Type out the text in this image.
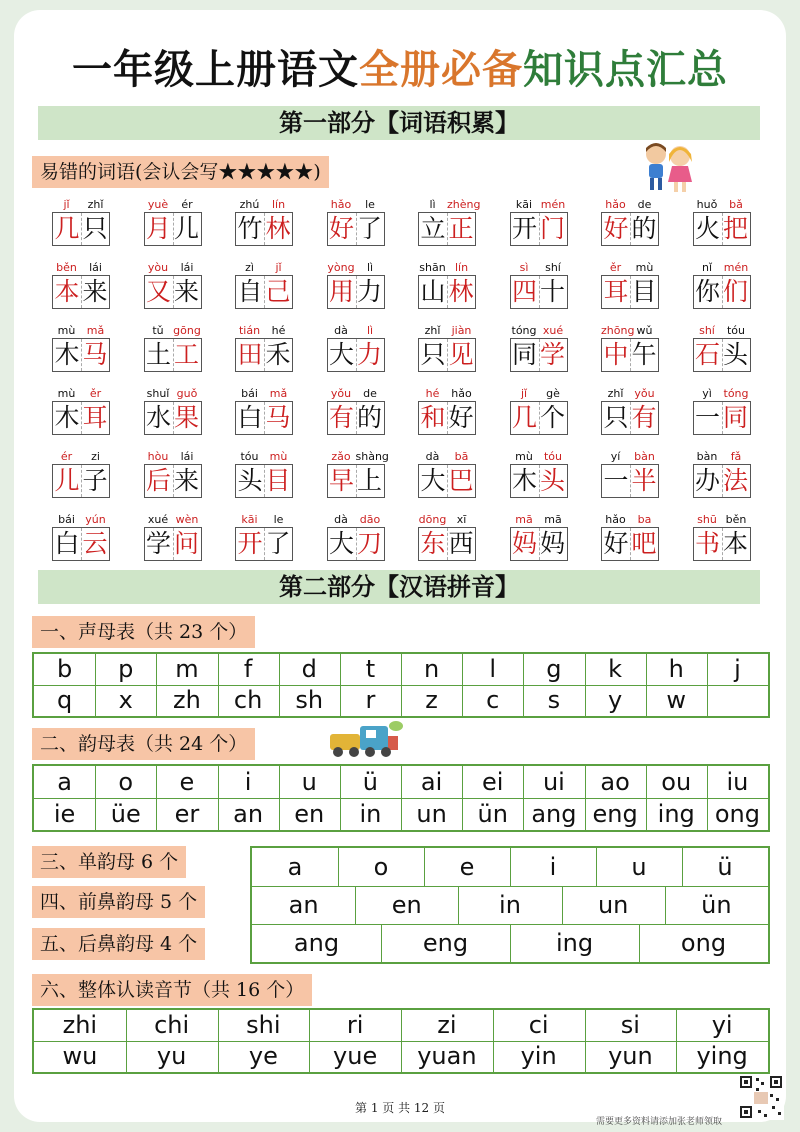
一年级上册语文全册必备知识点汇总
第一部分【词语积累】
易错的词语(会认会写★★★★★)
jǐ	zhǐ
几 只
yuè	ér
月 儿
zhú	lín
竹 林
hǎo	le
好 了
lì	zhèng
立 正
kāi mén
开 门
hǎo	de
好 的
huǒ	bǎ
火 把
běn	lái
本 来
yòu	lái
又 来
zì	jǐ
自 己
yòng	lì
用 力
shān lín
山 林
sì	shí
四 十
ěr	mù
耳 目
nǐ	mén
你 们
mù	mǎ
木 马
tǔ gōng
土 工
tián	hé
田 禾
dà	lì
大 力
zhǐ	jiàn
只 见
tóng xué
同 学
zhōng wǔ
中 午
shí	tóu
石 头
mù	ěr
木 耳
shuǐ guǒ
水 果
bái	mǎ
白 马
yǒu	de
有 的
hé	hǎo
和 好
jǐ	gè
几 个
zhǐ yǒu
只 有
yì	tóng
一 同
ér	zi
儿 子
hòu	lái
后 来
tóu	mù
头 目
zǎo shàng
早 上
dà	bā
大 巴
mù	tóu
木 头
yí	bàn
一 半
bàn	fǎ
办 法
bái yún
白 云
xué wèn
学 问
kāi	le
开 了
dà	dāo
大 刀
dōng xī
东 西
mā	mā
妈 妈
hǎo	ba
好 吧
shū běn
书 本
第二部分【汉语拼音】
一、声母表（共 23 个）
b	p	m	f	d	t	n	l	g	k	h	j
q	x	zh	ch	sh	r	z	c	s	y	w
二、韵母表（共 24 个）
a	o	e	i	u	ü	ai	ei	ui	ao	ou	iu
ie	üe	er	an	en	in	un	ün ang eng ing ong
三、单韵母 6 个
四、前鼻韵母 5 个
五、后鼻韵母 4 个
a	o	e	i	u	ü
an	en	in	un	ün
ang	eng	ing	ong
六、整体认读音节（共 16 个）
zhi	chi	shi	ri	zi	ci	si	yi
wu	yu	ye	yue	yuan	yin	yun	ying
第 1 页 共 12 页
需要更多资料请添加张老师领取
